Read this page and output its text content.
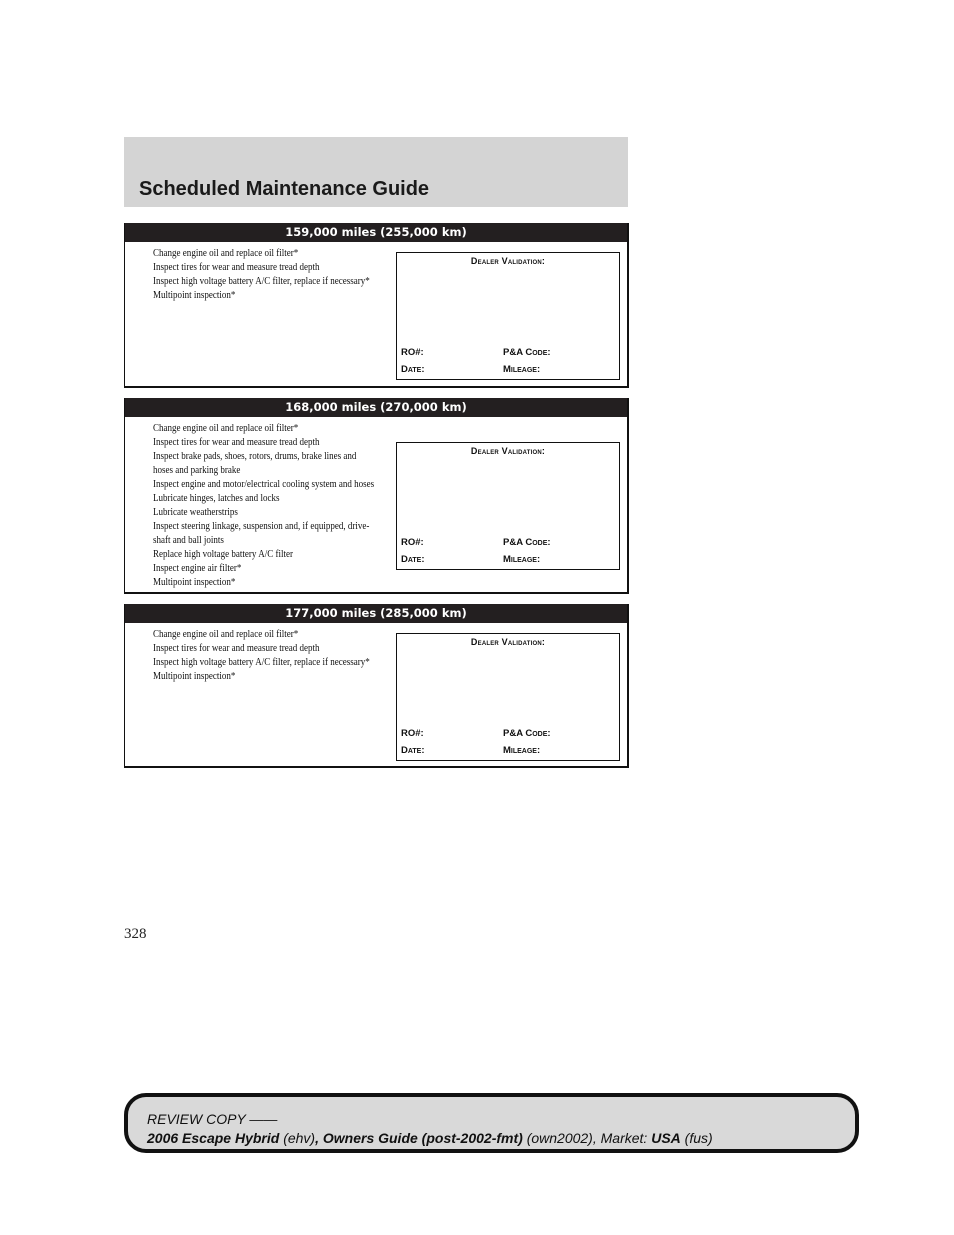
Scheduled Maintenance Guide
159,000 miles (255,000 km)
Change engine oil and replace oil filter*
Inspect tires for wear and measure tread depth
Inspect high voltage battery A/C filter, replace if necessary*
Multipoint inspection*
Dealer Validation:
RO#:	P&A Code:
Date:	Mileage:
168,000 miles (270,000 km)
Change engine oil and replace oil filter*
Inspect tires for wear and measure tread depth
Inspect brake pads, shoes, rotors, drums, brake lines and
hoses and parking brake
Inspect engine and motor/electrical cooling system and hoses
Lubricate hinges, latches and locks
Lubricate weatherstrips
Inspect steering linkage, suspension and, if equipped, drive-
shaft and ball joints
Replace high voltage battery A/C filter
Inspect engine air filter*
Multipoint inspection*
Dealer Validation:
RO#:	P&A Code:
Date:	Mileage:
177,000 miles (285,000 km)
Change engine oil and replace oil filter*
Inspect tires for wear and measure tread depth
Inspect high voltage battery A/C filter, replace if necessary*
Multipoint inspection*
Dealer Validation:
RO#:	P&A Code:
Date:	Mileage:
328
REVIEW COPY ——
2006 Escape Hybrid (ehv), Owners Guide (post-2002-fmt) (own2002), Market: USA (fus)
